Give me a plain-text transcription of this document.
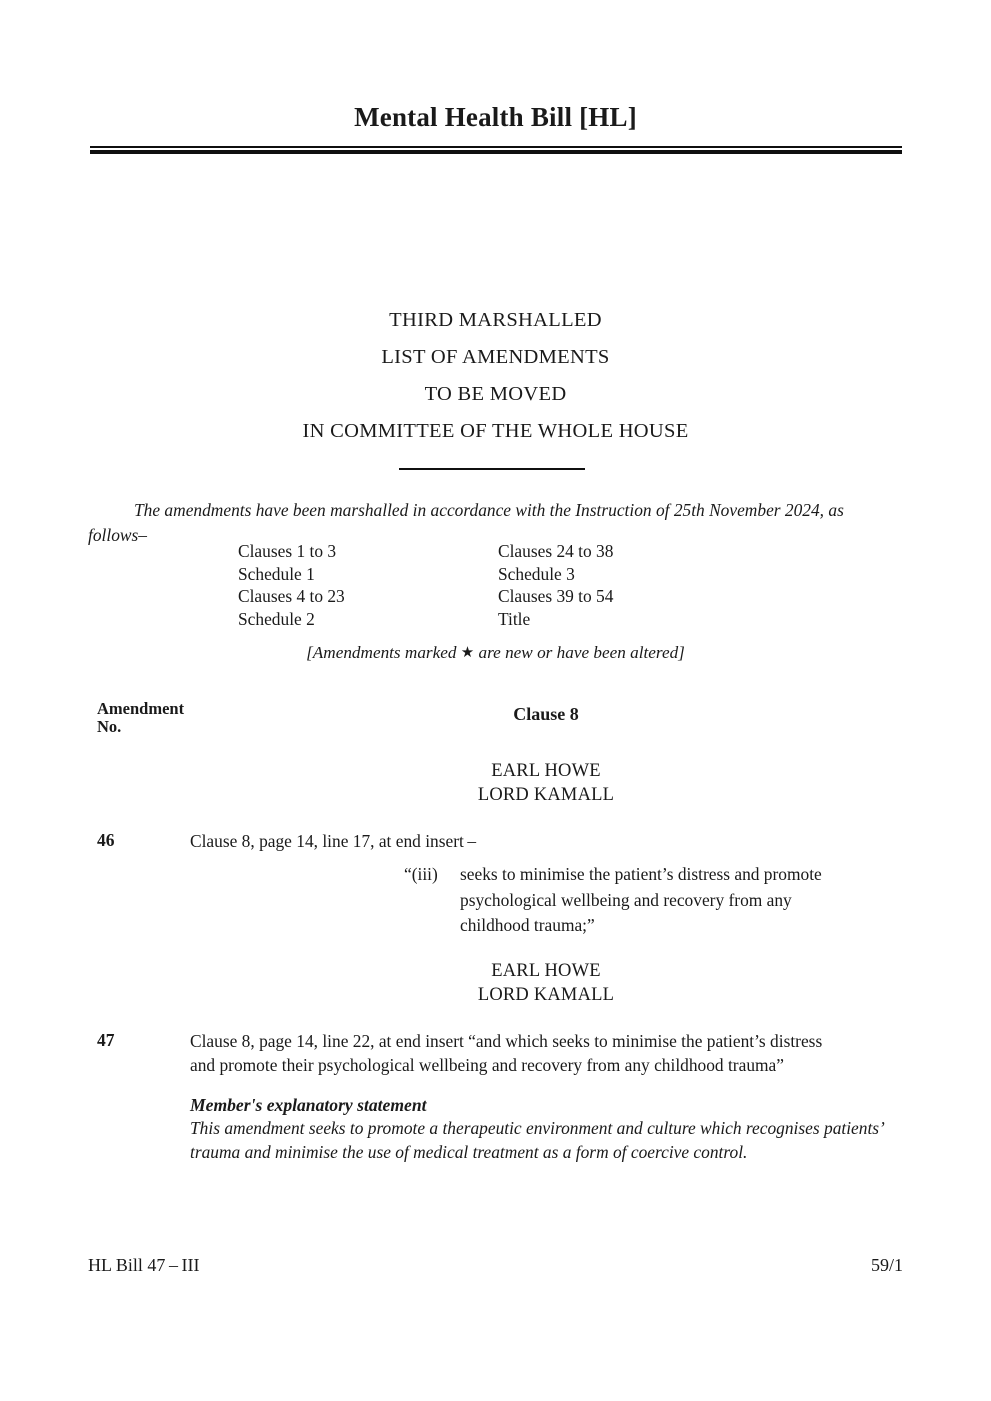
Mental Health Bill [HL]
THIRD MARSHALLED
LIST OF AMENDMENTS
TO BE MOVED
IN COMMITTEE OF THE WHOLE HOUSE
The amendments have been marshalled in accordance with the Instruction of 25th November 2024, as
follows–
Clauses 1 to 3	Clauses 24 to 38
Schedule 1	Schedule 3
Clauses 4 to 23	Clauses 39 to 54
Schedule 2	Title
[Amendments marked ★ are new or have been altered]
Amendment
No.
Clause 8
EARL HOWE
LORD KAMALL
46	Clause 8, page 14, line 17, at end insert –
“(iii)	seeks to minimise the patient’s distress and promote
psychological wellbeing and recovery from any
childhood trauma;”
EARL HOWE
LORD KAMALL
47	Clause 8, page 14, line 22, at end insert “and which seeks to minimise the patient’s distress
and promote their psychological wellbeing and recovery from any childhood trauma”
Member's explanatory statement
This amendment seeks to promote a therapeutic environment and culture which recognises patients’
trauma and minimise the use of medical treatment as a form of coercive control.
HL Bill 47 – III	59/1
